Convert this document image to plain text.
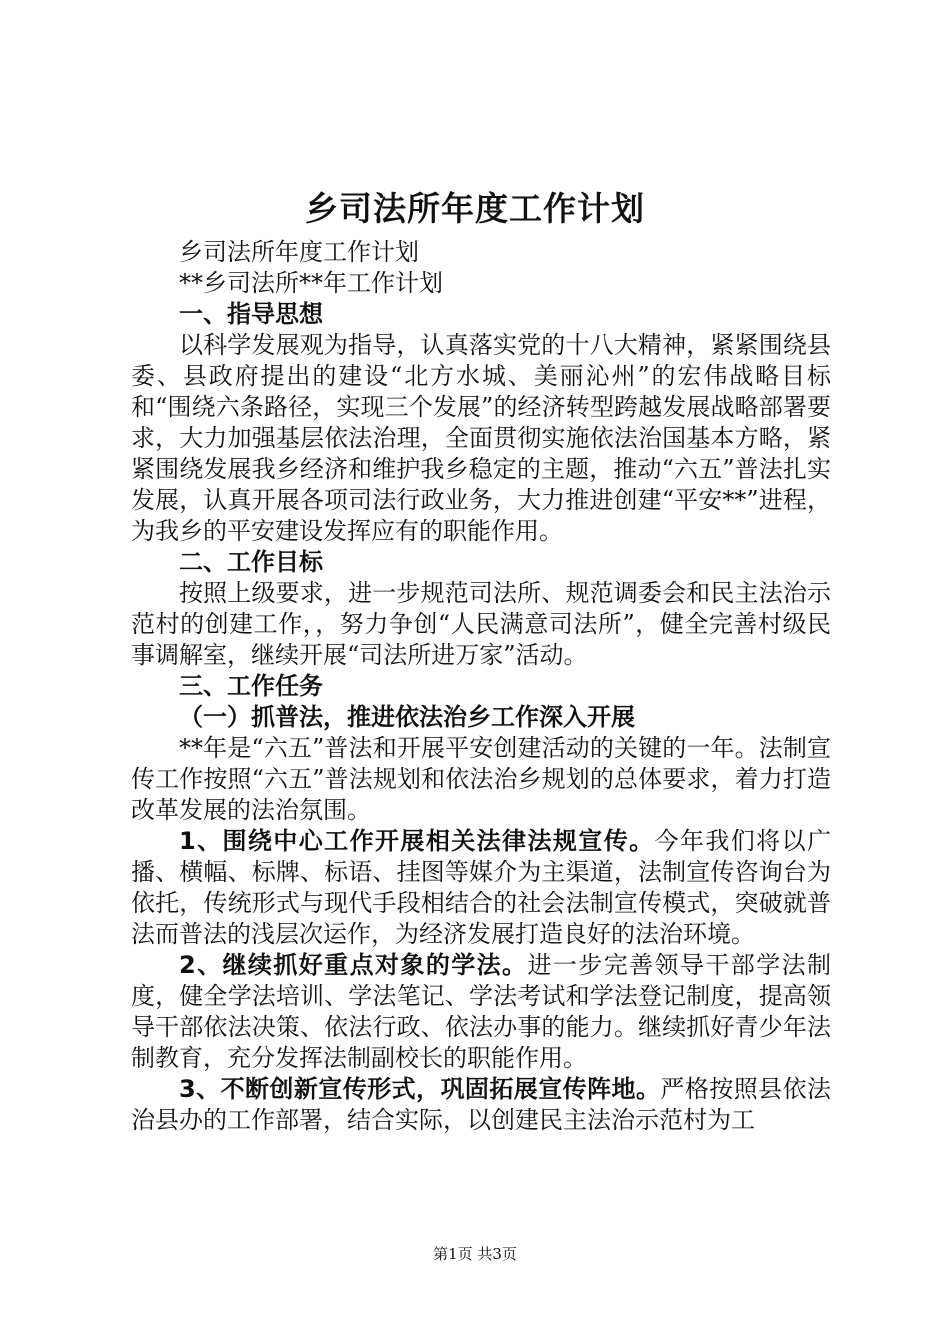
乡司法所年度工作计划

乡司法所年度工作计划

**乡司法所**年工作计划

一、指导思想

以科学发展观为指导，认真落实党的十八大精神，紧紧围绕县委、县政府提出的建设“北方水城、美丽沁州”的宏伟战略目标和“围绕六条路径，实现三个发展”的经济转型跨越发展战略部署要求，大力加强基层依法治理，全面贯彻实施依法治国基本方略，紧紧围绕发展我乡经济和维护我乡稳定的主题，推动“六五”普法扎实发展，认真开展各项司法行政业务，大力推进创建“平安**”进程，为我乡的平安建设发挥应有的职能作用。

二、工作目标

按照上级要求，进一步规范司法所、规范调委会和民主法治示范村的创建工作，，努力争创“人民满意司法所”，健全完善村级民事调解室，继续开展“司法所进万家”活动。

三、工作任务

（一）抓普法，推进依法治乡工作深入开展

**年是“六五”普法和开展平安创建活动的关键的一年。法制宣传工作按照“六五”普法规划和依法治乡规划的总体要求，着力打造改革发展的法治氛围。

1、围绕中心工作开展相关法律法规宣传。今年我们将以广播、横幅、标牌、标语、挂图等媒介为主渠道，法制宣传咨询台为依托，传统形式与现代手段相结合的社会法制宣传模式，突破就普法而普法的浅层次运作，为经济发展打造良好的法治环境。

2、继续抓好重点对象的学法。进一步完善领导干部学法制度，健全学法培训、学法笔记、学法考试和学法登记制度，提高领导干部依法决策、依法行政、依法办事的能力。继续抓好青少年法制教育，充分发挥法制副校长的职能作用。

3、不断创新宣传形式，巩固拓展宣传阵地。严格按照县依法治县办的工作部署，结合实际，以创建民主法治示范村为工

第1页 共3页
